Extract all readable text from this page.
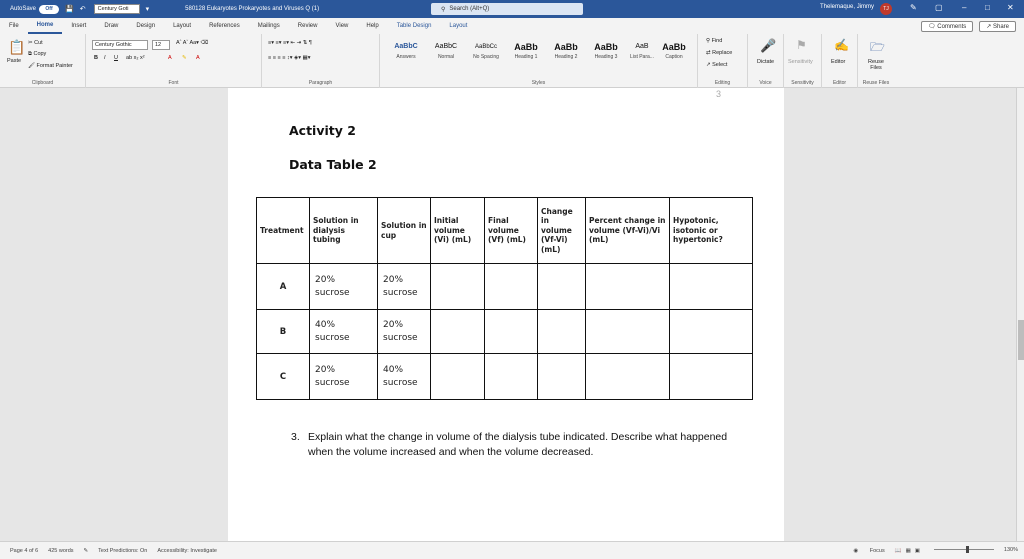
AutoSave	Off	💾 ↶	Century Goti	▾	580128 Eukaryotes Prokaryotes and Viruses Q (1)	⚲ Search (Alt+Q)	Thelemaque, Jimmy	TJ	✎ ▢ – □ ✕
File	Home	Insert	Draw	Design	Layout	References	Mailings	Review	View	Help	Table Design	Layout	🗨 Comments	↗ Share
📋
Paste
✂ Cut
⧉ Copy
🖌 Format Painter
Clipboard
Century Gothic	12	Aˆ Aˇ Aa▾ ⌫
B I U ab x₂ x²	A ✎ A
Font
≡▾ ≡▾ ≡▾ ⇤ ⇥ ⇅ ¶
≡ ≡ ≡ ≡ ↕▾ ◈▾ ▦▾
Paragraph
AaBbC
Answers
AaBbC
Normal
AaBbCc
No Spacing
AaBb
Heading 1
AaBb
Heading 2
AaBb
Heading 3
AaB
List Para...
AaBb
Caption
Styles
⚲ Find
⇄ Replace
↗ Select
Editing
🎤
Dictate
Voice
⚑
Sensitivity
Sensitivity
✍
Editor
Editor
🗁
Reuse Files
Reuse Files
3
Activity 2
Data Table 2
Treatment	Solution in dialysis tubing	Solution in cup	Initial volume (Vi) (mL)	Final volume (Vf) (mL)	Change in volume (Vf-Vi) (mL)	Percent change in volume (Vf-Vi)/Vi (mL)	Hypotonic, isotonic or hypertonic?
A	20% sucrose	20% sucrose					
B	40% sucrose	20% sucrose					
C	20% sucrose	40% sucrose					
3. Explain what the change in volume of the dialysis tube indicated. Describe what happened when the volume increased and when the volume decreased.
Page 4 of 6 425 words ✎ Text Predictions: On Accessibility: Investigate	◉ Focus 📖 ▦ ▣	130%
